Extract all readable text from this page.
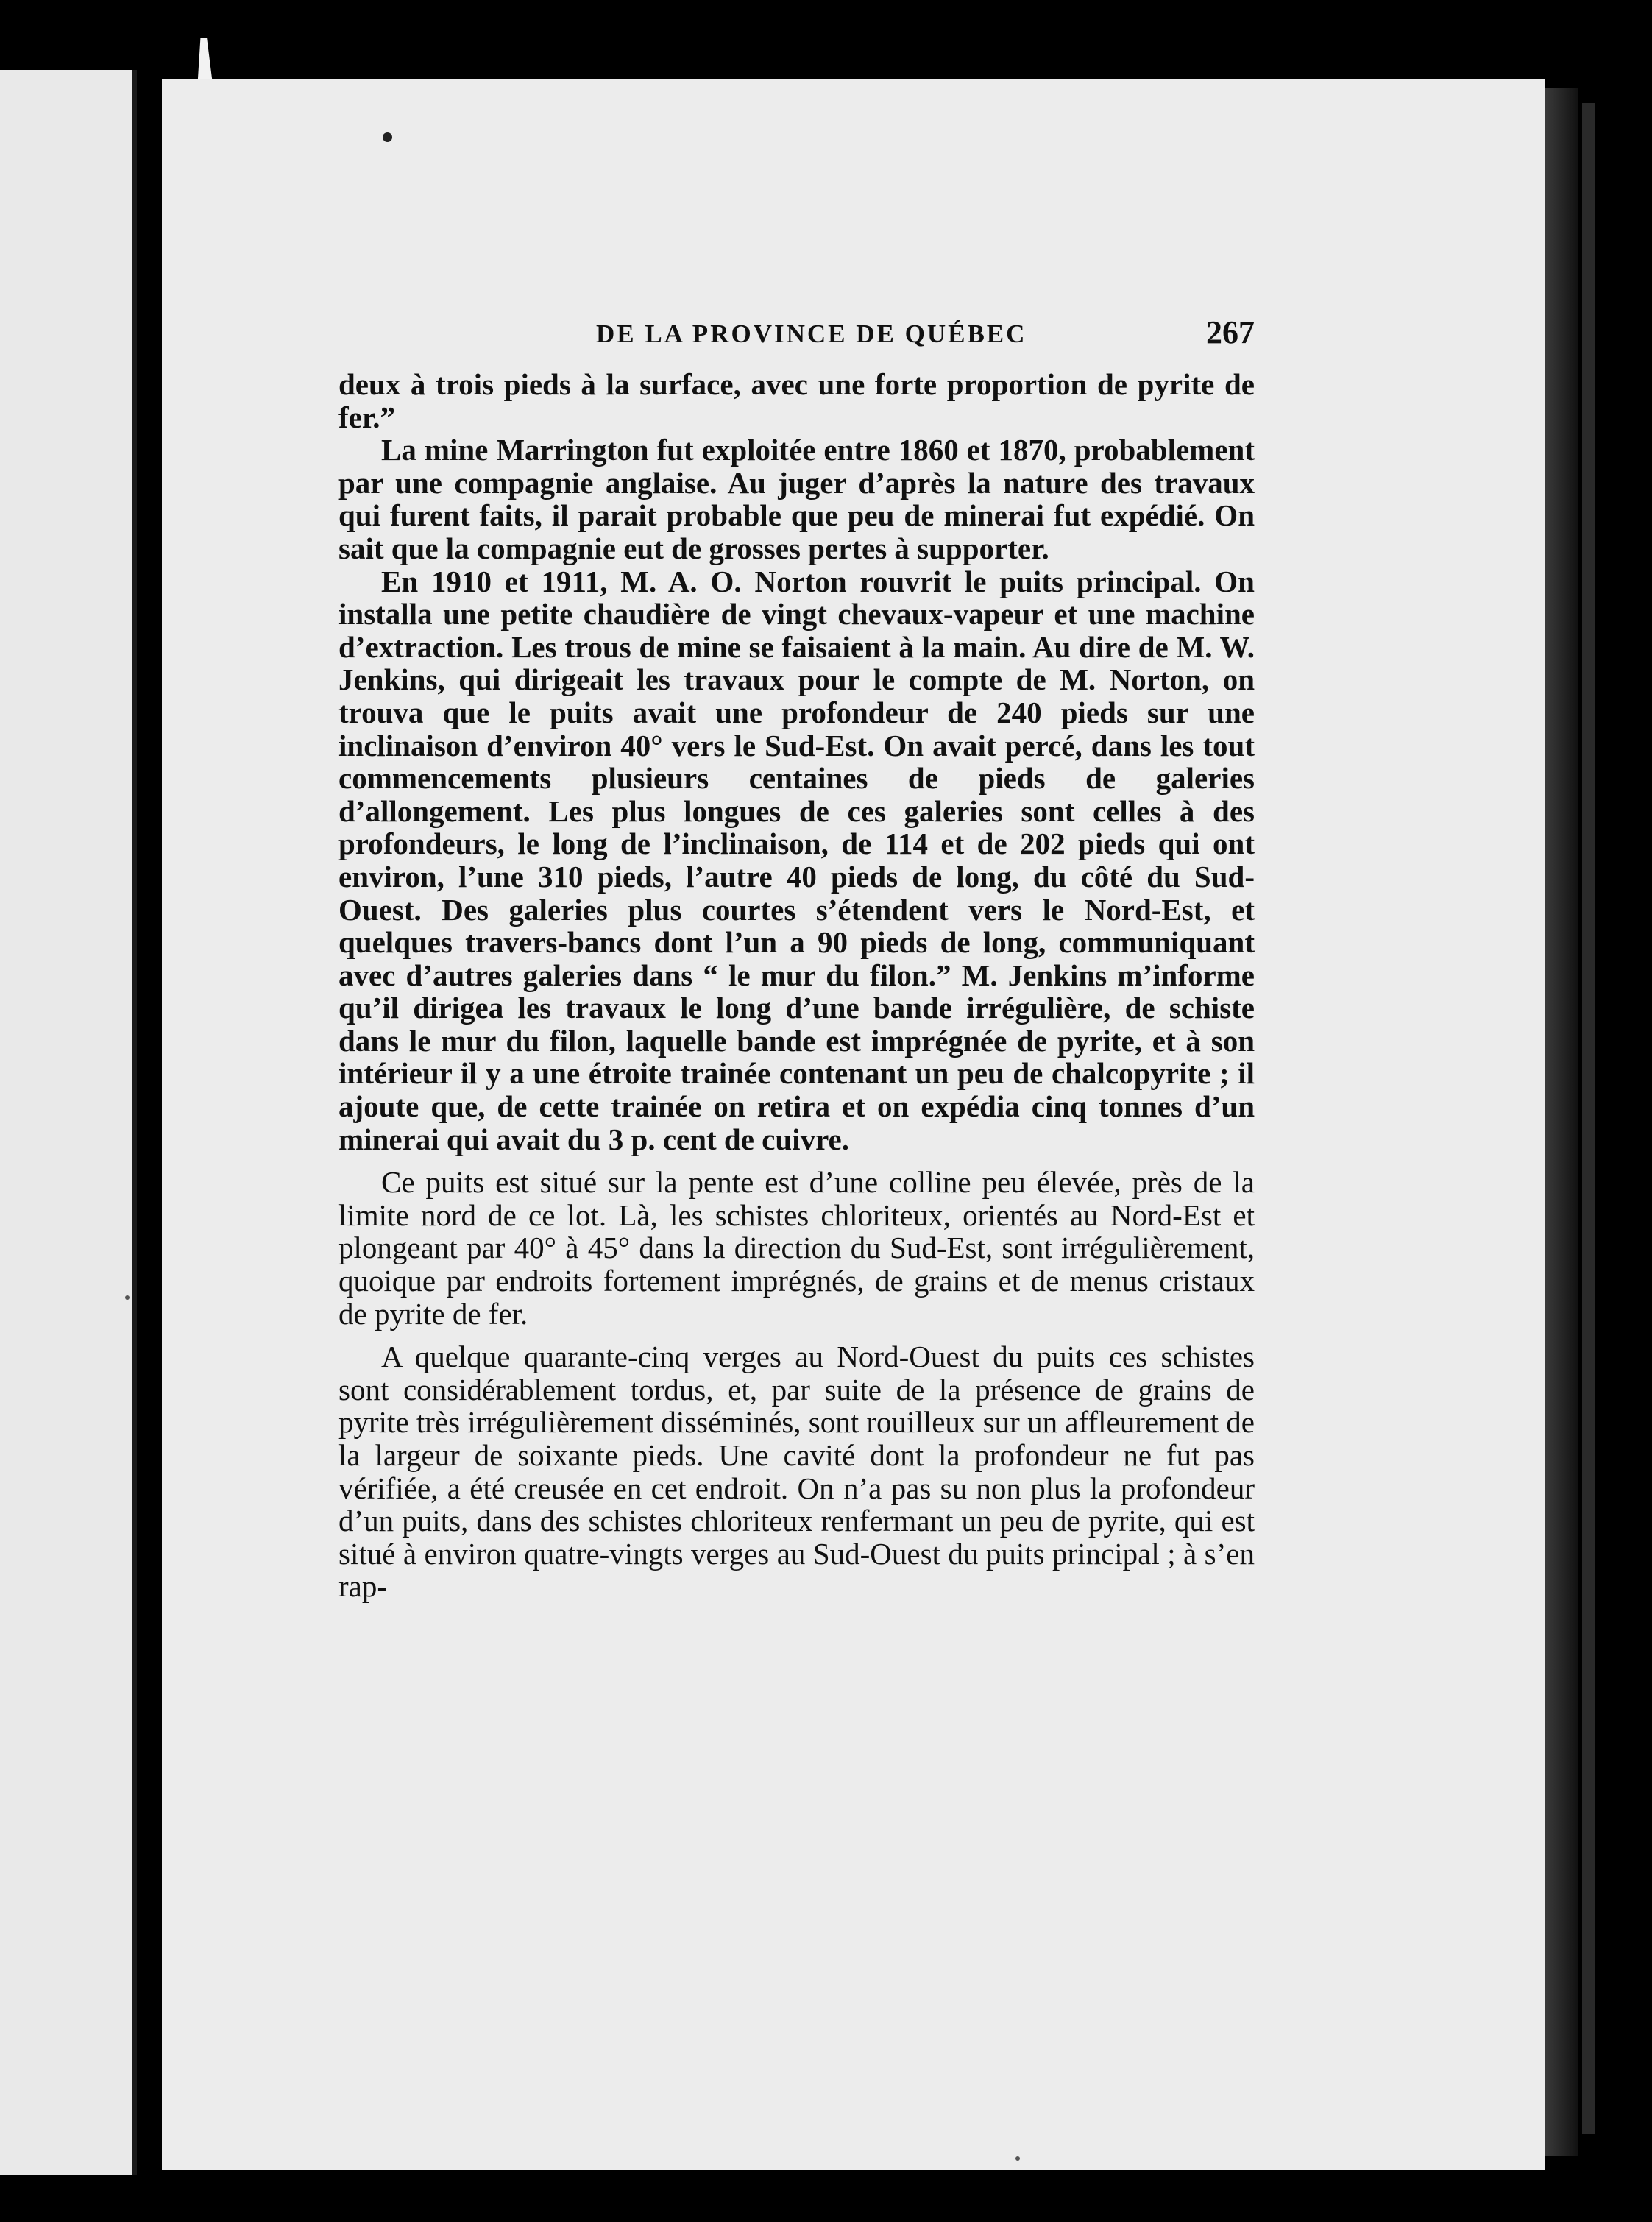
DE LA PROVINCE DE QUÉBEC	267

deux à trois pieds à la surface, avec une forte proportion de pyrite de fer.”

La mine Marrington fut exploitée entre 1860 et 1870, probablement par une compagnie anglaise. Au juger d’après la nature des travaux qui furent faits, il parait probable que peu de minerai fut expédié. On sait que la compagnie eut de grosses pertes à supporter.

En 1910 et 1911, M. A. O. Norton rouvrit le puits principal. On installa une petite chaudière de vingt chevaux-vapeur et une machine d’extraction. Les trous de mine se faisaient à la main. Au dire de M. W. Jenkins, qui dirigeait les travaux pour le compte de M. Norton, on trouva que le puits avait une profondeur de 240 pieds sur une inclinaison d’environ 40° vers le Sud-Est. On avait percé, dans les tout commencements plusieurs centaines de pieds de galeries d’allongement. Les plus longues de ces galeries sont celles à des profondeurs, le long de l’inclinaison, de 114 et de 202 pieds qui ont environ, l’une 310 pieds, l’autre 40 pieds de long, du côté du Sud-Ouest. Des galeries plus courtes s’étendent vers le Nord-Est, et quelques travers-bancs dont l’un a 90 pieds de long, communiquant avec d’autres galeries dans “ le mur du filon.” M. Jenkins m’informe qu’il dirigea les travaux le long d’une bande irrégulière, de schiste dans le mur du filon, laquelle bande est imprégnée de pyrite, et à son intérieur il y a une étroite trainée contenant un peu de chalcopyrite ; il ajoute que, de cette trainée on retira et on expédia cinq tonnes d’un minerai qui avait du 3 p. cent de cuivre.

Ce puits est situé sur la pente est d’une colline peu élevée, près de la limite nord de ce lot. Là, les schistes chloriteux, orientés au Nord-Est et plongeant par 40° à 45° dans la direction du Sud-Est, sont irrégulièrement, quoique par endroits fortement imprégnés, de grains et de menus cristaux de pyrite de fer.

A quelque quarante-cinq verges au Nord-Ouest du puits ces schistes sont considérablement tordus, et, par suite de la présence de grains de pyrite très irrégulièrement disséminés, sont rouilleux sur un affleurement de la largeur de soixante pieds. Une cavité dont la profondeur ne fut pas vérifiée, a été creusée en cet endroit. On n’a pas su non plus la profondeur d’un puits, dans des schistes chloriteux renfermant un peu de pyrite, qui est situé à environ quatre-vingts verges au Sud-Ouest du puits principal ; à s’en rap-
